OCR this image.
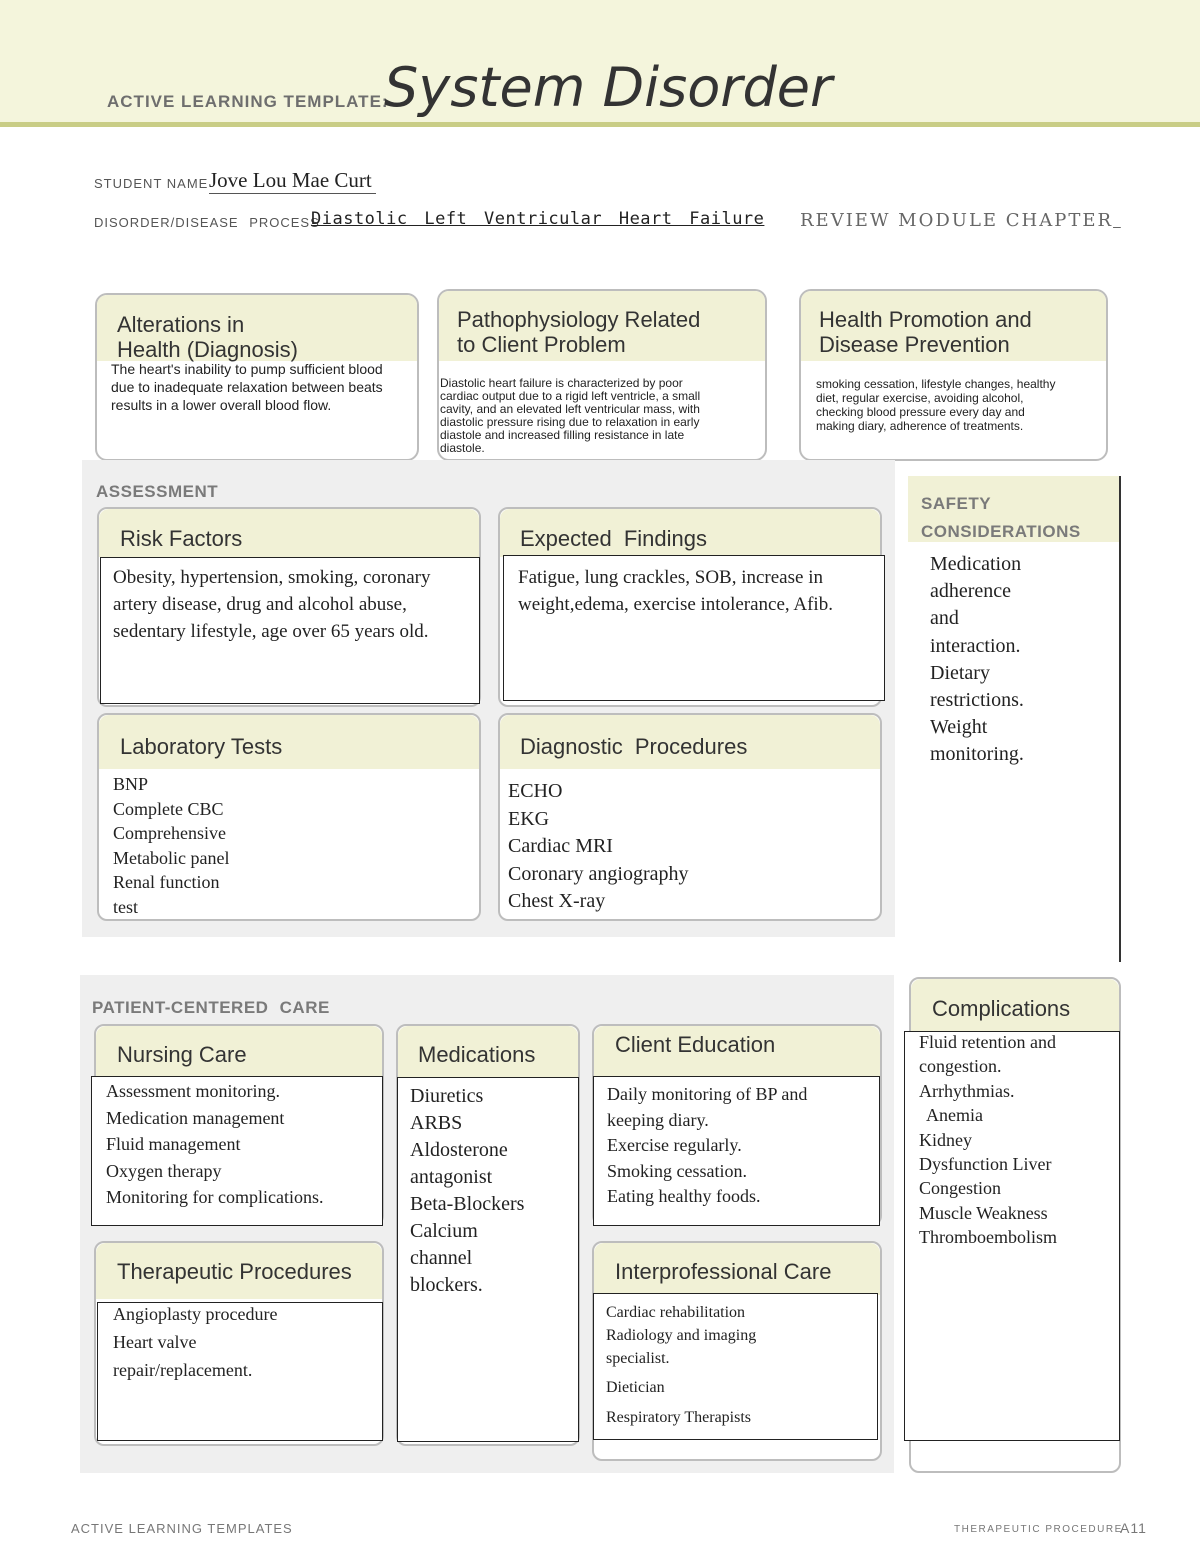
ACTIVE LEARNING TEMPLATE:
System Disorder
STUDENT NAME Jove Lou Mae Curt
DISORDER/DISEASE PROCESS
Diastolic Left Ventricular Heart Failure REVIEW MODULE CHAPTER
Alterations in
Health (Diagnosis)
The heart's inability to pump sufficient blood due to inadequate relaxation between beats results in a lower overall blood flow.
Pathophysiology Related
to Client Problem
Diastolic heart failure is characterized by poor cardiac output due to a rigid left ventricle, a small cavity, and an elevated left ventricular mass, with diastolic pressure rising due to relaxation in early diastole and increased filling resistance in late diastole.
Health Promotion and
Disease Prevention
smoking cessation, lifestyle changes, healthy diet, regular exercise, avoiding alcohol, checking blood pressure every day and making diary, adherence of treatments.
ASSESSMENT
Risk Factors
Obesity, hypertension, smoking, coronary artery disease, drug and alcohol abuse, sedentary lifestyle, age over 65 years old.
Expected Findings
Fatigue, lung crackles, SOB, increase in weight,edema, exercise intolerance, Afib.
Laboratory Tests
BNP
Complete CBC
Comprehensive
Metabolic panel
Renal function
test
Diagnostic Procedures
ECHO
EKG
Cardiac MRI
Coronary angiography
Chest X-ray
SAFETY
CONSIDERATIONS
Medication
adherence
and
interaction.
Dietary
restrictions.
Weight
monitoring.
PATIENT-CENTERED CARE
Nursing Care
Assessment monitoring.
Medication management
Fluid management
Oxygen therapy
Monitoring for complications.
Therapeutic Procedures
Angioplasty procedure
Heart valve
repair/replacement.
Medications
Diuretics
ARBS
Aldosterone
antagonist
Beta-Blockers
Calcium
channel
blockers.
Client Education
Daily monitoring of BP and
keeping diary.
Exercise regularly.
Smoking cessation.
Eating healthy foods.
Interprofessional Care
Cardiac rehabilitation
Radiology and imaging
specialist.
Dietician
Respiratory Therapists
Complications
Fluid retention and
congestion.
Arrhythmias.
Anemia
Kidney
Dysfunction Liver
Congestion
Muscle Weakness
Thromboembolism
ACTIVE LEARNING TEMPLATES	THERAPEUTIC PROCEDURE
A11
